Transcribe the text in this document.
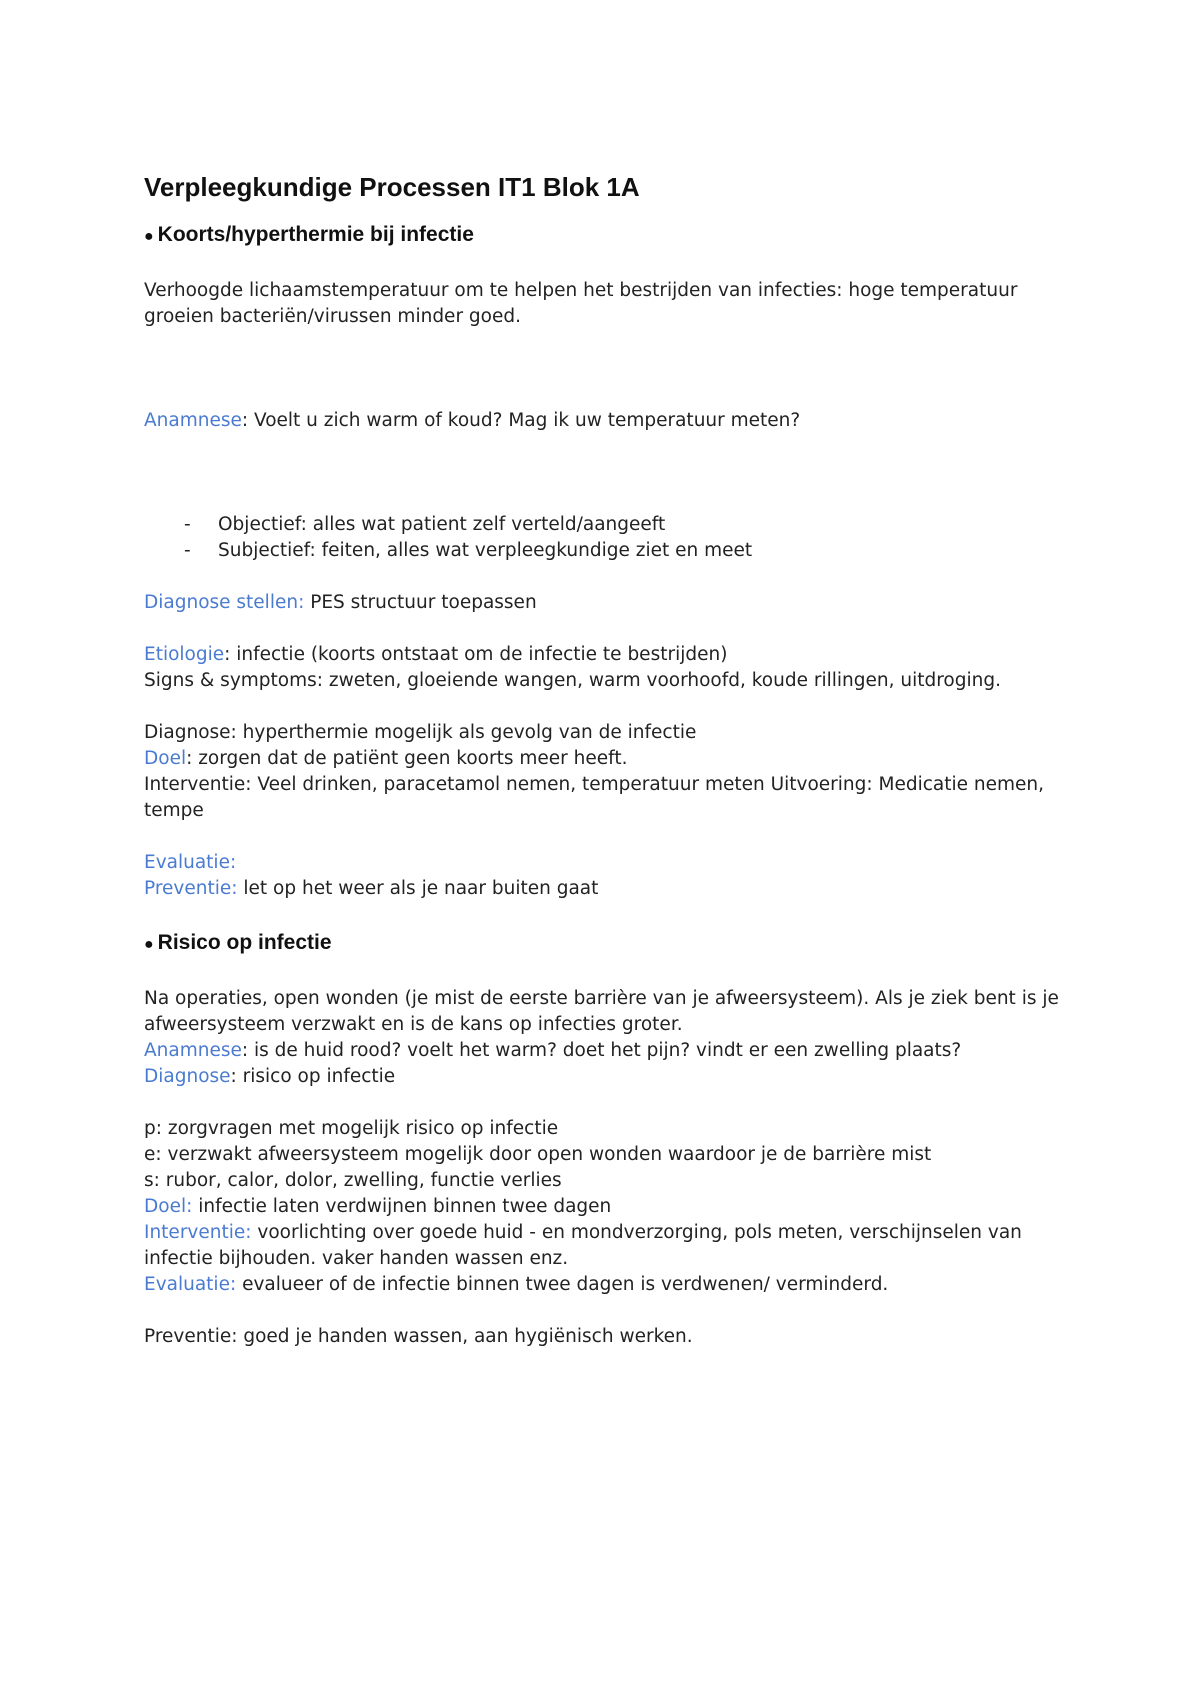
Verpleegkundige Processen IT1 Blok 1A
● Koorts/hyperthermie bij infectie

Verhoogde lichaamstemperatuur om te helpen het bestrijden van infecties: hoge temperatuur groeien bacteriën/virussen minder goed.

Anamnese: Voelt u zich warm of koud? Mag ik uw temperatuur meten?

- Objectief: alles wat patient zelf verteld/aangeeft
- Subjectief: feiten, alles wat verpleegkundige ziet en meet

Diagnose stellen: PES structuur toepassen

Etiologie: infectie (koorts ontstaat om de infectie te bestrijden)

Signs & symptoms: zweten, gloeiende wangen, warm voorhoofd, koude rillingen, uitdroging.

Diagnose: hyperthermie mogelijk als gevolg van de infectie

Doel: zorgen dat de patiënt geen koorts meer heeft.

Interventie: Veel drinken, paracetamol nemen, temperatuur meten Uitvoering: Medicatie nemen, tempe

Evaluatie:

Preventie: let op het weer als je naar buiten gaat

● Risico op infectie

Na operaties, open wonden (je mist de eerste barrière van je afweersysteem). Als je ziek bent is je afweersysteem verzwakt en is de kans op infecties groter.

Anamnese: is de huid rood? voelt het warm? doet het pijn? vindt er een zwelling plaats?

Diagnose: risico op infectie

p: zorgvragen met mogelijk risico op infectie

e: verzwakt afweersysteem mogelijk door open wonden waardoor je de barrière mist

s: rubor, calor, dolor, zwelling, functie verlies

Doel: infectie laten verdwijnen binnen twee dagen

Interventie: voorlichting over goede huid - en mondverzorging, pols meten, verschijnselen van infectie bijhouden. vaker handen wassen enz.

Evaluatie: evalueer of de infectie binnen twee dagen is verdwenen/ verminderd.

Preventie: goed je handen wassen, aan hygiënisch werken.
